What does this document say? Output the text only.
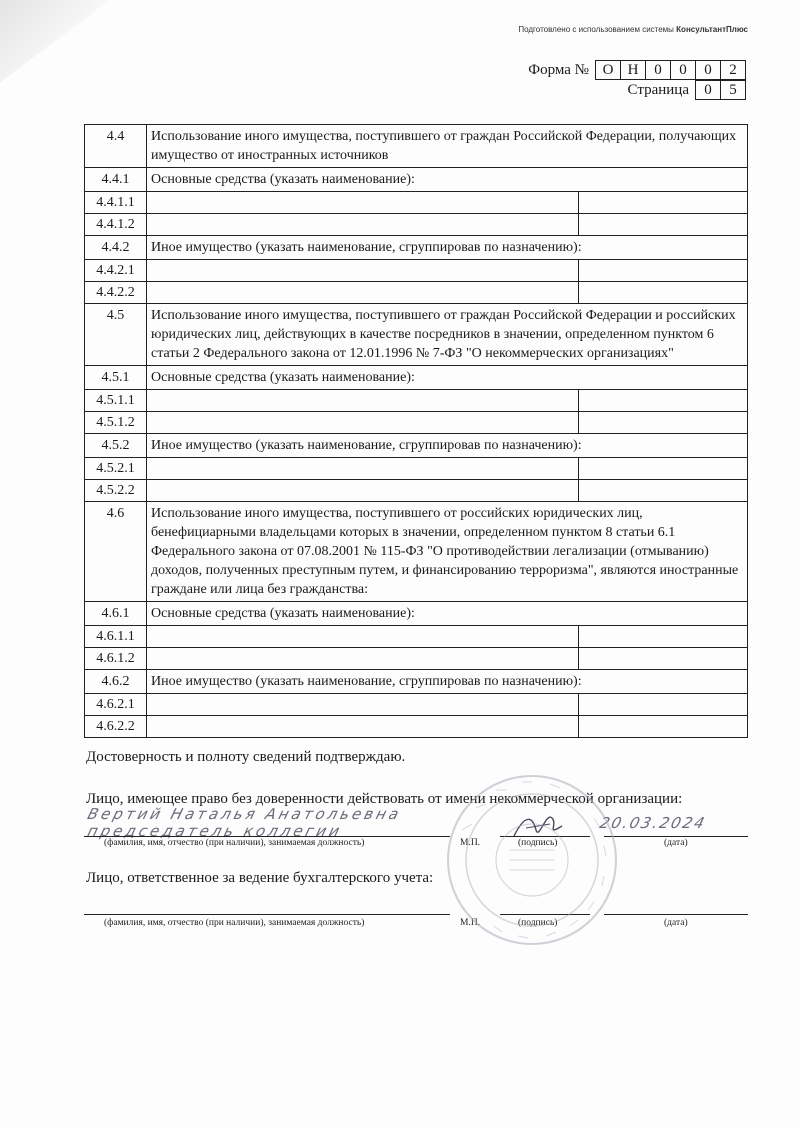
Подготовлено с использованием системы КонсультантПлюс
Форма № О Н	0	0	0	2
Страница	0	5
4.4	Использование иного имущества, поступившего от граждан Российской Федерации, получающих имущество от иностранных источников	
4.4.1	Основные средства (указать наименование):	
4.4.1.1		
4.4.1.2		
4.4.2	Иное имущество (указать наименование, сгруппировав по назначению):	
4.4.2.1		
4.4.2.2		
4.5	Использование иного имущества, поступившего от граждан Российской Федерации и российских юридических лиц, действующих в качестве посредников в значении, определенном пунктом 6 статьи 2 Федерального закона от 12.01.1996 № 7-ФЗ "О некоммерческих организациях"	
4.5.1	Основные средства (указать наименование):	
4.5.1.1		
4.5.1.2		
4.5.2	Иное имущество (указать наименование, сгруппировав по назначению):	
4.5.2.1		
4.5.2.2		
4.6	Использование иного имущества, поступившего от российских юридических лиц, бенефициарными владельцами которых в значении, определенном пунктом 8 статьи 6.1 Федерального закона от 07.08.2001 № 115-ФЗ "О противодействии легализации (отмыванию) доходов, полученных преступным путем, и финансированию терроризма", являются иностранные граждане или лица без гражданства:	
4.6.1	Основные средства (указать наименование):	
4.6.1.1		
4.6.1.2		
4.6.2	Иное имущество (указать наименование, сгруппировав по назначению):	
4.6.2.1		
4.6.2.2		
Достоверность и полноту сведений подтверждаю.
Лицо, имеющее право без доверенности действовать от имени некоммерческой организации:
Вертий Наталья Анатольевна
председатель коллегии	20.03.2024
(фамилия, имя, отчество (при наличии), занимаемая должность)	М.П.	(подпись)	(дата)
Лицо, ответственное за ведение бухгалтерского учета:
(фамилия, имя, отчество (при наличии), занимаемая должность)	М.П.	(подпись)	(дата)
